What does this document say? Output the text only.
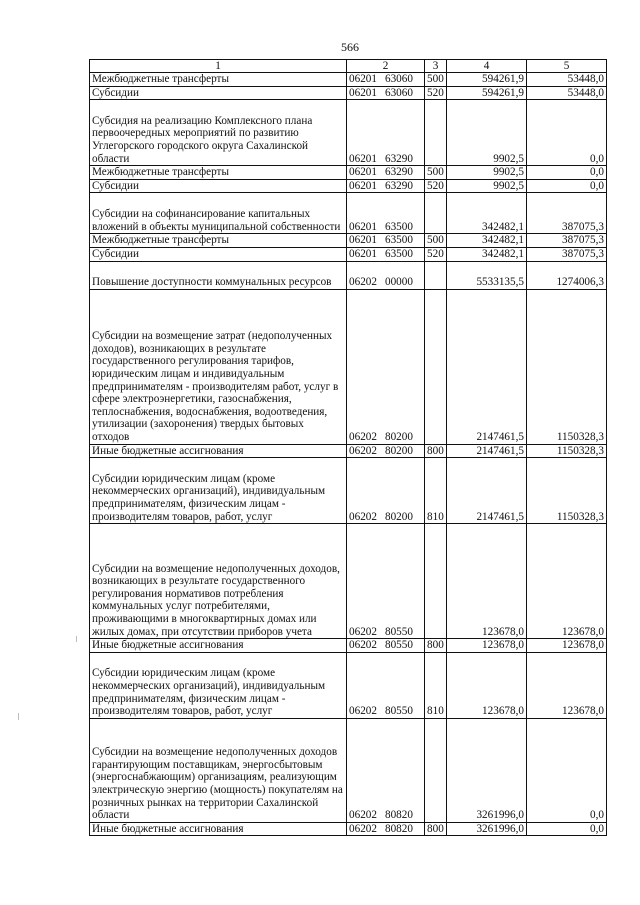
566
1	2	3	4	5
Межбюджетные трансферты	06201 63060	500	594261,9	53448,0
Субсидии	06201 63060	520	594261,9	53448,0
Субсидия на реализацию Комплексного плана первоочередных мероприятий по развитию Углегорского городского округа Сахалинской области	06201 63290		9902,5	0,0
Межбюджетные трансферты	06201 63290	500	9902,5	0,0
Субсидии	06201 63290	520	9902,5	0,0
Субсидии на софинансирование капитальных вложений в объекты муниципальной собственности	06201 63500		342482,1	387075,3
Межбюджетные трансферты	06201 63500	500	342482,1	387075,3
Субсидии	06201 63500	520	342482,1	387075,3
Повышение доступности коммунальных ресурсов	06202 00000		5533135,5	1274006,3
Субсидии на возмещение затрат (недополученных доходов), возникающих в результате государственного регулирования тарифов, юридическим лицам и индивидуальным предпринимателям - производителям работ, услуг в сфере электроэнергетики, газоснабжения, теплоснабжения, водоснабжения, водоотведения, утилизации (захоронения) твердых бытовых отходов	06202 80200		2147461,5	1150328,3
Иные бюджетные ассигнования	06202 80200	800	2147461,5	1150328,3
Субсидии юридическим лицам (кроме некоммерческих организаций), индивидуальным предпринимателям, физическим лицам - производителям товаров, работ, услуг	06202 80200	810	2147461,5	1150328,3
Субсидии на возмещение недополученных доходов, возникающих в результате государственного регулирования нормативов потребления коммунальных услуг потребителями, проживающими в многоквартирных домах или жилых домах, при отсутствии приборов учета	06202 80550		123678,0	123678,0
Иные бюджетные ассигнования	06202 80550	800	123678,0	123678,0
Субсидии юридическим лицам (кроме некоммерческих организаций), индивидуальным предпринимателям, физическим лицам - производителям товаров, работ, услуг	06202 80550	810	123678,0	123678,0
Субсидии на возмещение недополученных доходов гарантирующим поставщикам, энергосбытовым (энергоснабжающим) организациям, реализующим электрическую энергию (мощность) покупателям на розничных рынках на территории Сахалинской области	06202 80820		3261996,0	0,0
Иные бюджетные ассигнования	06202 80820	800	3261996,0	0,0
